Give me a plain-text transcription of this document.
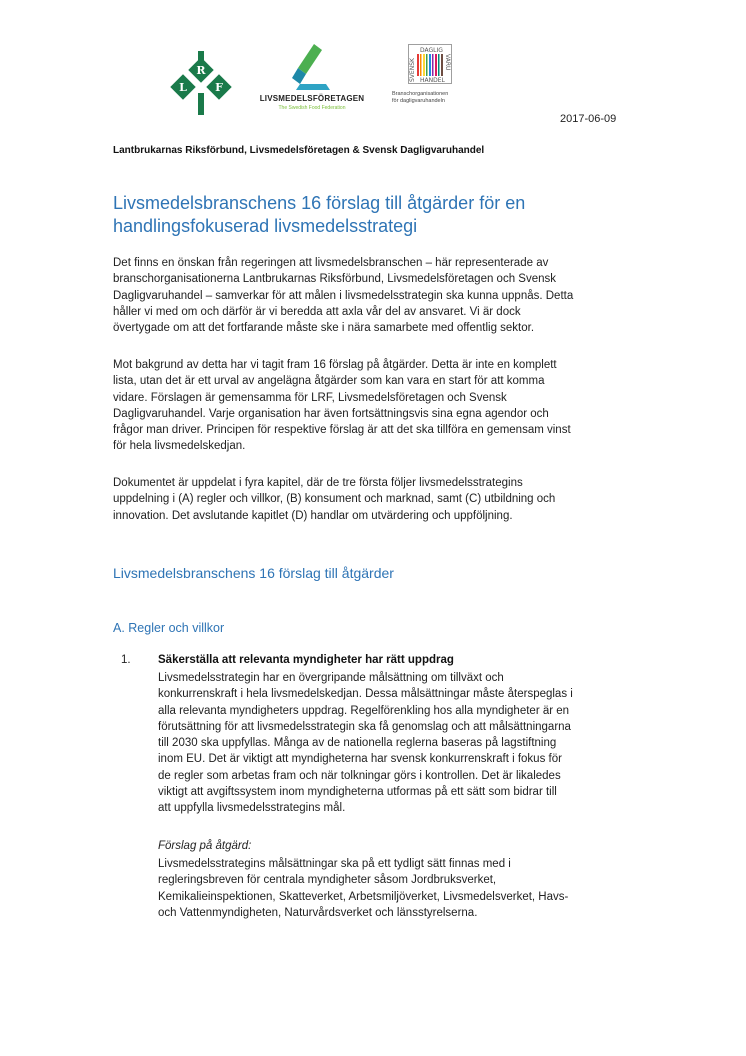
R
L	F
LIVSMEDELSFÖRETAGEN
The Swedish Food Federation
DAGLIG
SVENSK	VARU
HANDEL
Branschorganisationen
för dagligvaruhandeln
2017-06-09
Lantbrukarnas Riksförbund, Livsmedelsföretagen & Svensk Dagligvaruhandel
Livsmedelsbranschens 16 förslag till åtgärder för en handlingsfokuserad livsmedelsstrategi
Det finns en önskan från regeringen att livsmedelsbranschen – här representerade av
branschorganisationerna Lantbrukarnas Riksförbund, Livsmedelsföretagen och Svensk
Dagligvaruhandel – samverkar för att målen i livsmedelsstrategin ska kunna uppnås. Detta
håller vi med om och därför är vi beredda att axla vår del av ansvaret. Vi är dock
övertygade om att det fortfarande måste ske i nära samarbete med offentlig sektor.
Mot bakgrund av detta har vi tagit fram 16 förslag på åtgärder. Detta är inte en komplett
lista, utan det är ett urval av angelägna åtgärder som kan vara en start för att komma
vidare. Förslagen är gemensamma för LRF, Livsmedelsföretagen och Svensk
Dagligvaruhandel. Varje organisation har även fortsättningsvis sina egna agendor och
frågor man driver. Principen för respektive förslag är att det ska tillföra en gemensam vinst
för hela livsmedelskedjan.
Dokumentet är uppdelat i fyra kapitel, där de tre första följer livsmedelsstrategins
uppdelning i (A) regler och villkor, (B) konsument och marknad, samt (C) utbildning och
innovation. Det avslutande kapitlet (D) handlar om utvärdering och uppföljning.
Livsmedelsbranschens 16 förslag till åtgärder
A. Regler och villkor
1. Säkerställa att relevanta myndigheter har rätt uppdrag
Livsmedelsstrategin har en övergripande målsättning om tillväxt och
konkurrenskraft i hela livsmedelskedjan. Dessa målsättningar måste återspeglas i
alla relevanta myndigheters uppdrag. Regelförenkling hos alla myndigheter är en
förutsättning för att livsmedelsstrategin ska få genomslag och att målsättningarna
till 2030 ska uppfyllas. Många av de nationella reglerna baseras på lagstiftning
inom EU. Det är viktigt att myndigheterna har svensk konkurrenskraft i fokus för
de regler som arbetas fram och när tolkningar görs i kontrollen. Det är likaledes
viktigt att avgiftssystem inom myndigheterna utformas på ett sätt som bidrar till
att uppfylla livsmedelsstrategins mål.
Förslag på åtgärd:
Livsmedelsstrategins målsättningar ska på ett tydligt sätt finnas med i
regleringsbreven för centrala myndigheter såsom Jordbruksverket,
Kemikalieinspektionen, Skatteverket, Arbetsmiljöverket, Livsmedelsverket, Havs-
och Vattenmyndigheten, Naturvårdsverket och länsstyrelserna.
